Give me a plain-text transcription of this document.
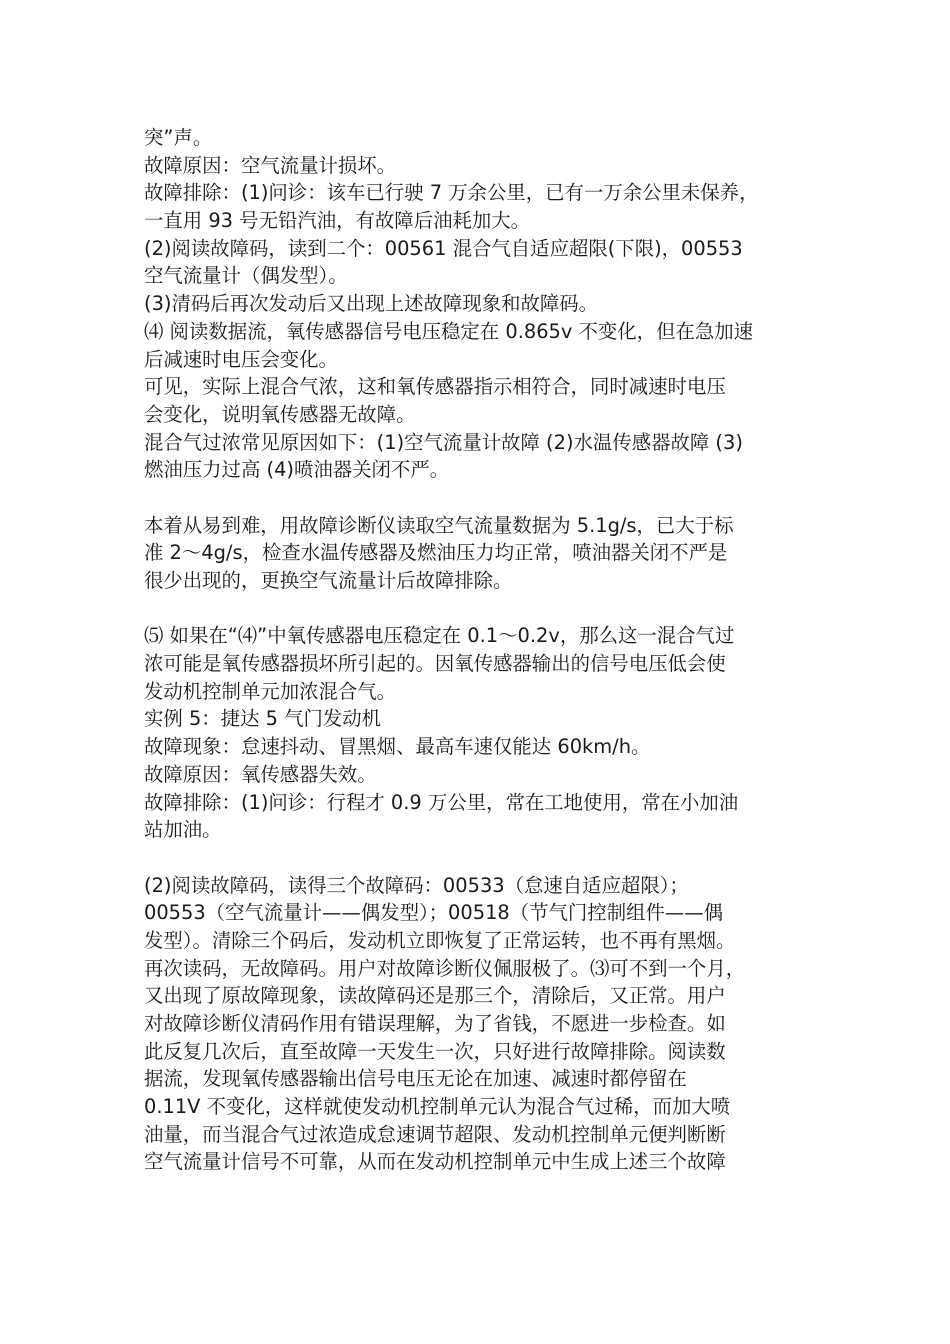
突”声。
故障原因：空气流量计损坏。
故障排除：(1)问诊：该车已行驶 7 万余公里，已有一万余公里未保养，
一直用 93 号无铅汽油，有故障后油耗加大。
(2)阅读故障码，读到二个：00561 混合气自适应超限(下限)，00553
空气流量计（偶发型）。
(3)清码后再次发动后又出现上述故障现象和故障码。
⑷ 阅读数据流，氧传感器信号电压稳定在 0.865v 不变化，但在急加速
后减速时电压会变化。
可见，实际上混合气浓，这和氧传感器指示相符合，同时减速时电压
会变化，说明氧传感器无故障。
混合气过浓常见原因如下：(1)空气流量计故障 (2)水温传感器故障 (3)
燃油压力过高 (4)喷油器关闭不严。
本着从易到难，用故障诊断仪读取空气流量数据为 5.1g/s，已大于标
准 2～4g/s，检查水温传感器及燃油压力均正常，喷油器关闭不严是
很少出现的，更换空气流量计后故障排除。
⑸ 如果在“⑷”中氧传感器电压稳定在 0.1～0.2v，那么这一混合气过
浓可能是氧传感器损坏所引起的。因氧传感器输出的信号电压低会使
发动机控制单元加浓混合气。
实例 5：捷达 5 气门发动机
故障现象：怠速抖动、冒黑烟、最高车速仅能达 60km/h。
故障原因：氧传感器失效。
故障排除：(1)问诊：行程才 0.9 万公里，常在工地使用，常在小加油
站加油。
(2)阅读故障码，读得三个故障码：00533（怠速自适应超限）；
00553（空气流量计——偶发型）；00518（节气门控制组件——偶
发型）。清除三个码后，发动机立即恢复了正常运转，也不再有黑烟。
再次读码，无故障码。用户对故障诊断仪佩服极了。⑶可不到一个月，
又出现了原故障现象，读故障码还是那三个，清除后，又正常。用户
对故障诊断仪清码作用有错误理解，为了省钱，不愿进一步检查。如
此反复几次后，直至故障一天发生一次，只好进行故障排除。阅读数
据流，发现氧传感器输出信号电压无论在加速、减速时都停留在
0.11V 不变化，这样就使发动机控制单元认为混合气过稀，而加大喷
油量，而当混合气过浓造成怠速调节超限、发动机控制单元便判断断
空气流量计信号不可靠，从而在发动机控制单元中生成上述三个故障
